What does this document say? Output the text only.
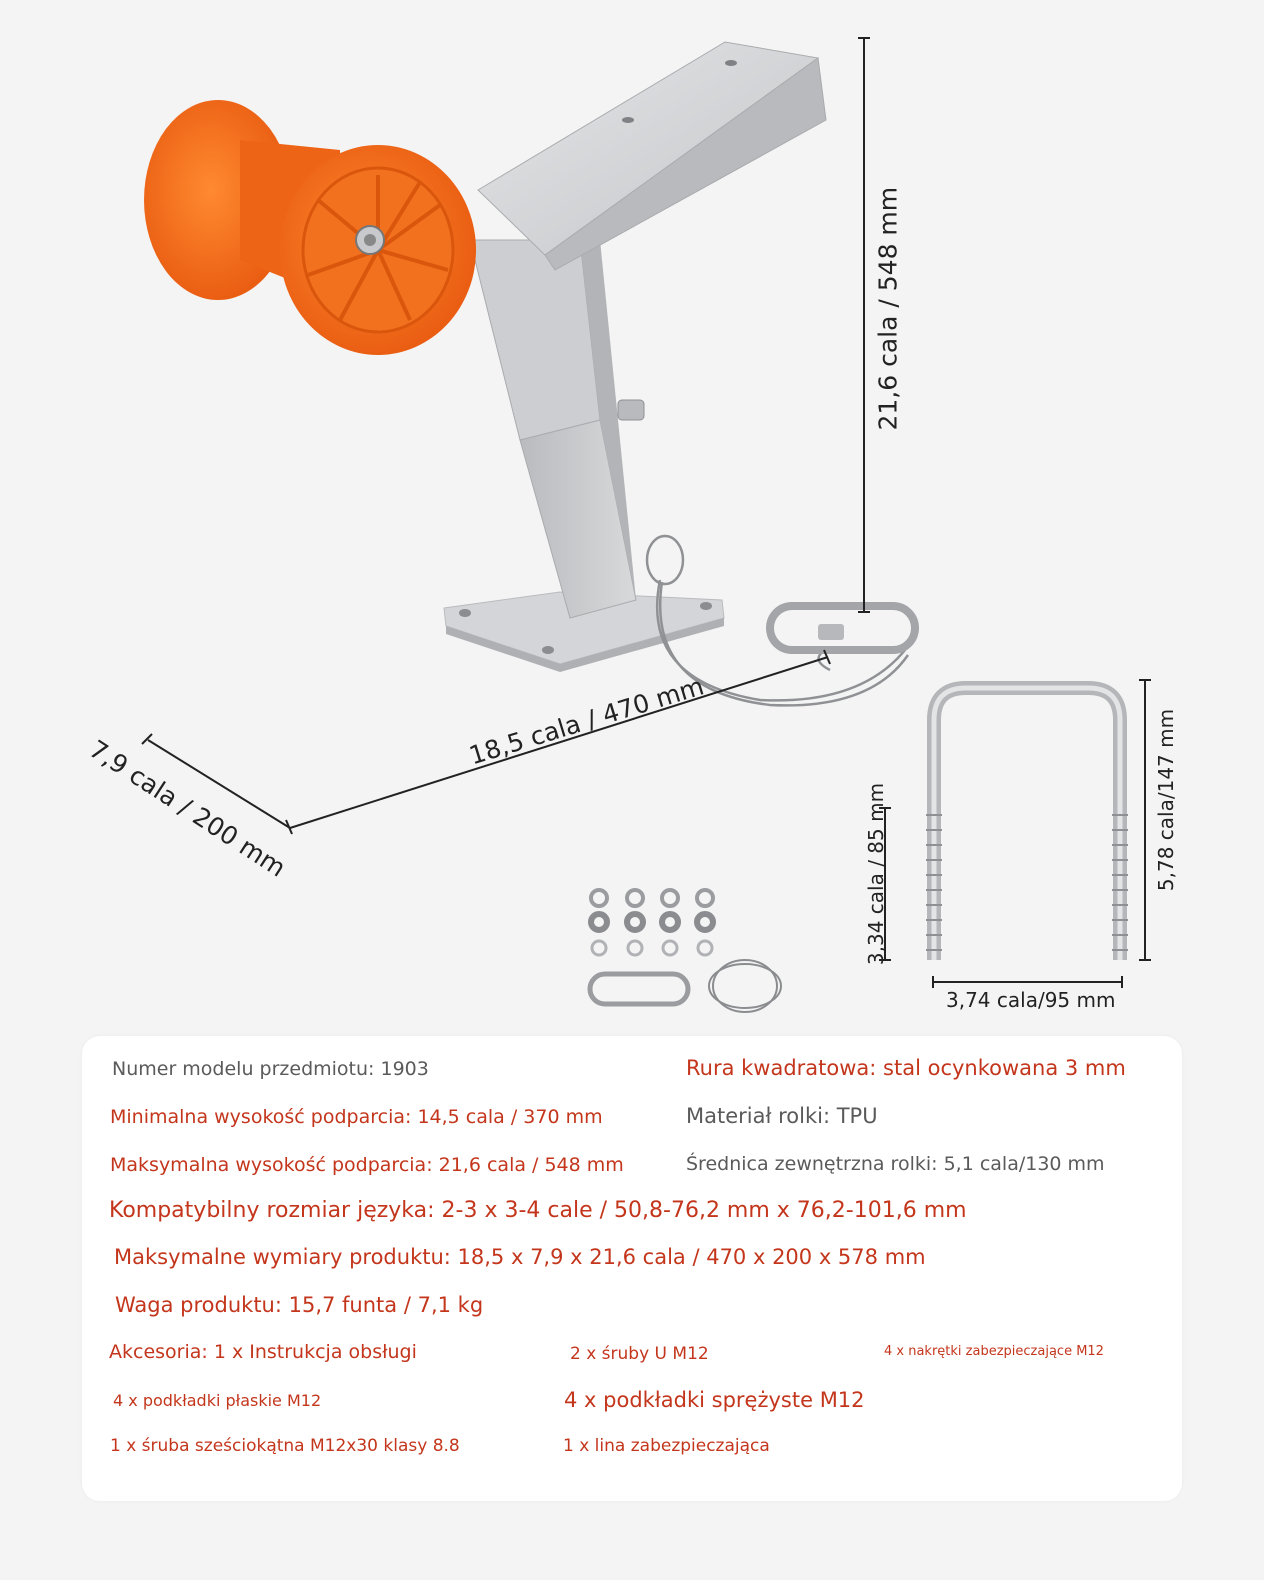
21,6 cala / 548 mm
18,5 cala / 470 mm
7,9 cala / 200 mm	5,78 cala/147 mm
3,34 cala / 85 mm
3,74 cala/95 mm
Numer modelu przedmiotu: 1903	Rura kwadratowa: stal ocynkowana 3 mm
Minimalna wysokość podparcia: 14,5 cala / 370 mm	Materiał rolki: TPU
Maksymalna wysokość podparcia: 21,6 cala / 548 mm	Średnica zewnętrzna rolki: 5,1 cala/130 mm
Kompatybilny rozmiar języka: 2-3 x 3-4 cale / 50,8-76,2 mm x 76,2-101,6 mm
Maksymalne wymiary produktu: 18,5 x 7,9 x 21,6 cala / 470 x 200 x 578 mm
Waga produktu: 15,7 funta / 7,1 kg
Akcesoria: 1 x Instrukcja obsługi	2 x śruby U M12	4 x nakrętki zabezpieczające M12
4 x podkładki płaskie M12	4 x podkładki sprężyste M12
1 x śruba sześciokątna M12x30 klasy 8.8	1 x lina zabezpieczająca
